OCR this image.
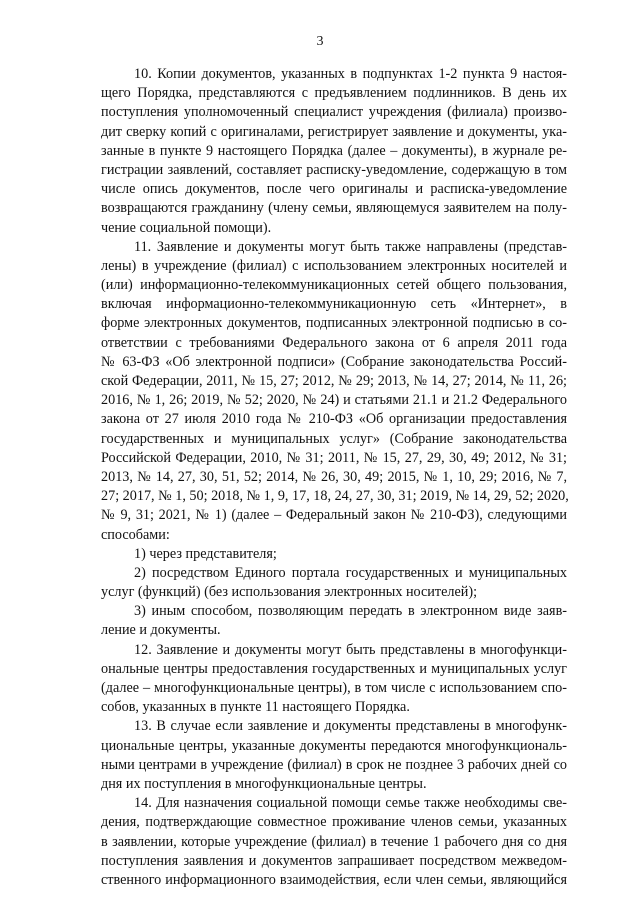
3
10. Копии документов, указанных в подпунктах 1-2 пункта 9 настоя-
щего Порядка, представляются с предъявлением подлинников. В день их
поступления уполномоченный специалист учреждения (филиала) произво-
дит сверку копий с оригиналами, регистрирует заявление и документы, ука-
занные в пункте 9 настоящего Порядка (далее – документы), в журнале ре-
гистрации заявлений, составляет расписку-уведомление, содержащую в том
числе опись документов, после чего оригиналы и расписка-уведомление
возвращаются гражданину (члену семьи, являющемуся заявителем на полу-
чение социальной помощи).
11. Заявление и документы могут быть также направлены (представ-
лены) в учреждение (филиал) с использованием электронных носителей и
(или) информационно-телекоммуникационных сетей общего пользования,
включая информационно-телекоммуникационную сеть «Интернет», в
форме электронных документов, подписанных электронной подписью в со-
ответствии с требованиями Федерального закона от 6 апреля 2011 года
№ 63-ФЗ «Об электронной подписи» (Собрание законодательства Россий-
ской Федерации, 2011, № 15, 27; 2012, № 29; 2013, № 14, 27; 2014, № 11, 26;
2016, № 1, 26; 2019, № 52; 2020, № 24) и статьями 21.1 и 21.2 Федерального
закона от 27 июля 2010 года № 210-ФЗ «Об организации предоставления
государственных и муниципальных услуг» (Собрание законодательства
Российской Федерации, 2010, № 31; 2011, № 15, 27, 29, 30, 49; 2012, № 31;
2013, № 14, 27, 30, 51, 52; 2014, № 26, 30, 49; 2015, № 1, 10, 29; 2016, № 7,
27; 2017, № 1, 50; 2018, № 1, 9, 17, 18, 24, 27, 30, 31; 2019, № 14, 29, 52; 2020,
№ 9, 31; 2021, № 1) (далее – Федеральный закон № 210-ФЗ), следующими
способами:
1) через представителя;
2) посредством Единого портала государственных и муниципальных
услуг (функций) (без использования электронных носителей);
3) иным способом, позволяющим передать в электронном виде заяв-
ление и документы.
12. Заявление и документы могут быть представлены в многофункци-
ональные центры предоставления государственных и муниципальных услуг
(далее – многофункциональные центры), в том числе с использованием спо-
собов, указанных в пункте 11 настоящего Порядка.
13. В случае если заявление и документы представлены в многофунк-
циональные центры, указанные документы передаются многофункциональ-
ными центрами в учреждение (филиал) в срок не позднее 3 рабочих дней со
дня их поступления в многофункциональные центры.
14. Для назначения социальной помощи семье также необходимы све-
дения, подтверждающие совместное проживание членов семьи, указанных
в заявлении, которые учреждение (филиал) в течение 1 рабочего дня со дня
поступления заявления и документов запрашивает посредством межведом-
ственного информационного взаимодействия, если член семьи, являющийся
